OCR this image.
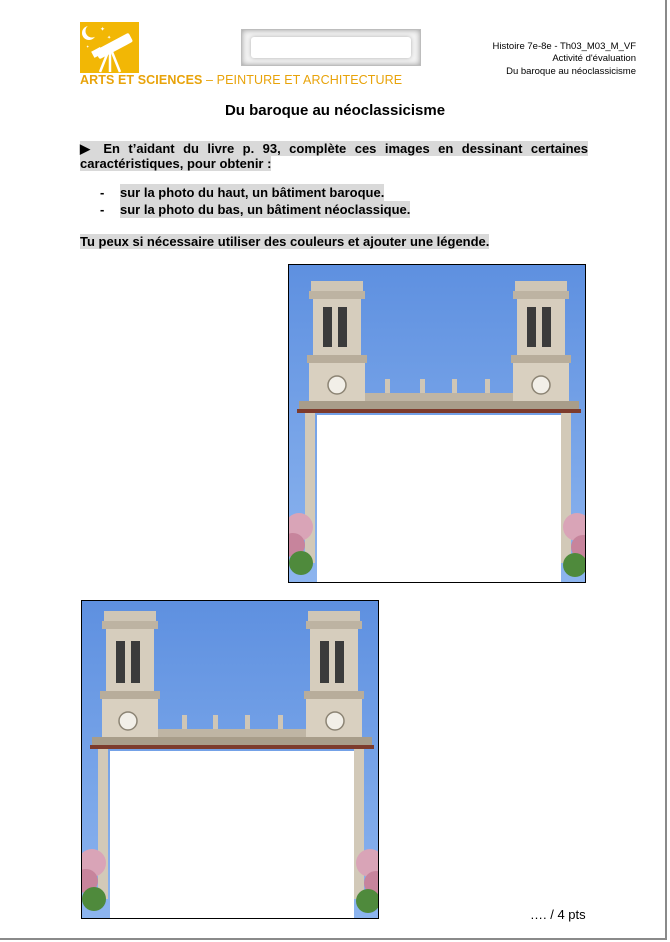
✦
✦
✦
ARTS ET SCIENCES – PEINTURE ET ARCHITECTURE
Histoire 7e-8e - Th03_M03_M_VF
Activité d'évaluation
Du baroque au néoclassicisme
Du baroque au néoclassicisme
▶ En t’aidant du livre p. 93, complète ces images en dessinant certaines caractéristiques, pour obtenir :
-	sur la photo du haut, un bâtiment baroque.
-	sur la photo du bas, un bâtiment néoclassique.
Tu peux si nécessaire utiliser des couleurs et ajouter une légende.
…. / 4 pts
